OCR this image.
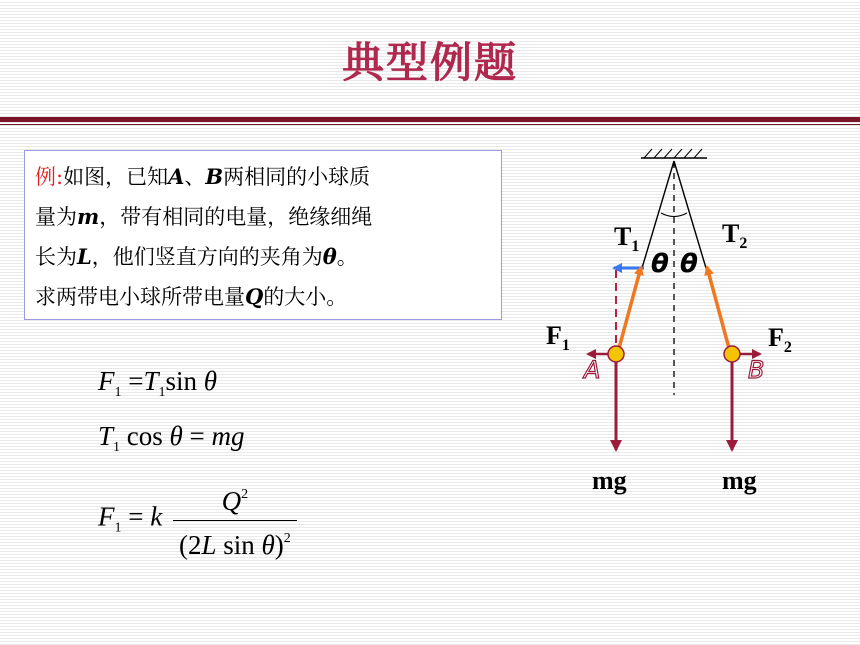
典型例题
例:如图，已知A、B两相同的小球质
量为m，带有相同的电量，绝缘细绳
长为L，他们竖直方向的夹角为θ。
求两带电小球所带电量Q的大小。
$F_1 =T_1\sin$ θ
$T_1$ cos θ = mg
$F_1 = k \frac{Q^2}{(2L \sin \theta)^2}$
$T_1$	$T_2$
θ θ
$F_1$	$F_2$
A	B
mg	mg
